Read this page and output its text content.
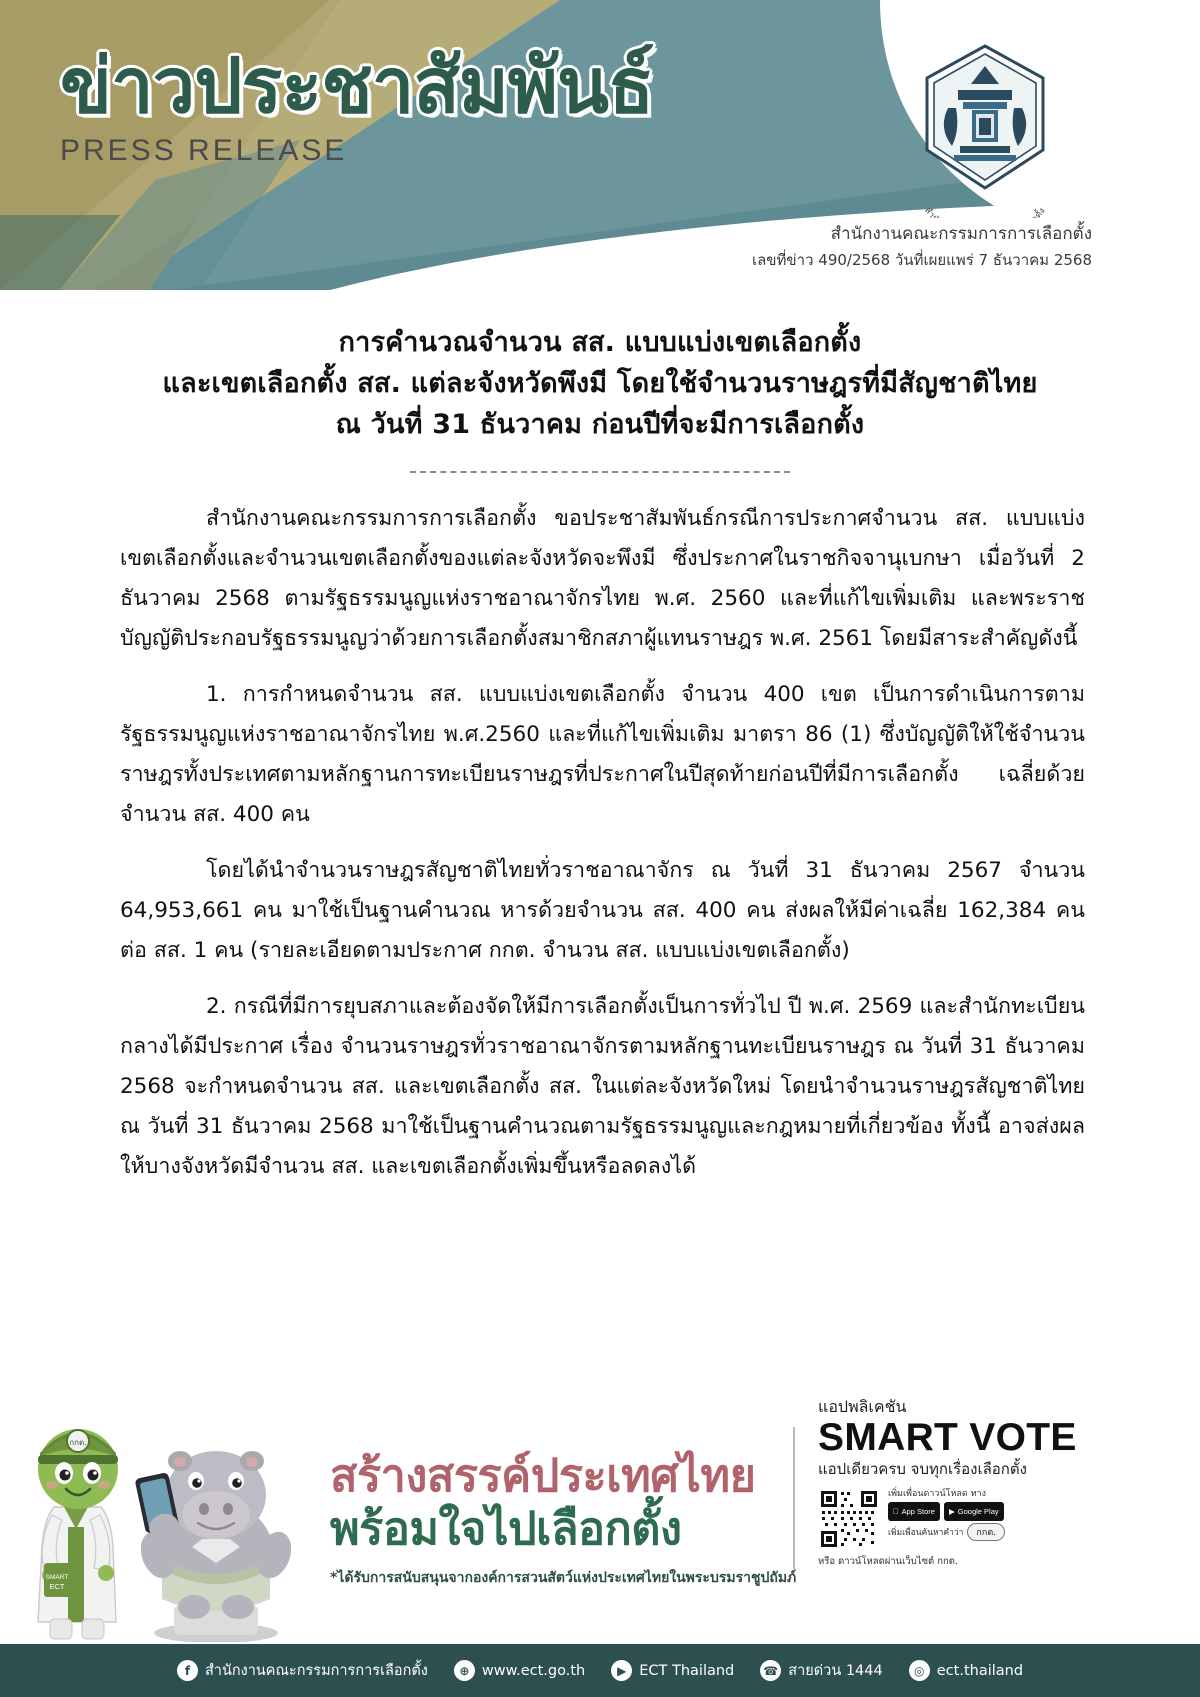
ข่าวประชาสัมพันธ์
PRESS RELEASE
สำ ตั้ง
สำนักงานคณะกรรมการการเลือกตั้ง
เลขที่ข่าว 490/2568 วันที่เผยแพร่ 7 ธันวาคม 2568
การคำนวณจำนวน สส. แบบแบ่งเขตเลือกตั้ง
และเขตเลือกตั้ง สส. แต่ละจังหวัดพึงมี โดยใช้จำนวนราษฎรที่มีสัญชาติไทย
ณ วันที่ 31 ธันวาคม ก่อนปีที่จะมีการเลือกตั้ง

สำนักงานคณะกรรมการการเลือกตั้ง ขอประชาสัมพันธ์กรณีการประกาศจำนวน สส. แบบแบ่งเขตเลือกตั้งและจำนวนเขตเลือกตั้งของแต่ละจังหวัดจะพึงมี ซึ่งประกาศในราชกิจจานุเบกษา เมื่อวันที่ 2 ธันวาคม 2568 ตามรัฐธรรมนูญแห่งราชอาณาจักรไทย พ.ศ. 2560 และที่แก้ไขเพิ่มเติม และพระราชบัญญัติประกอบรัฐธรรมนูญว่าด้วยการเลือกตั้งสมาชิกสภาผู้แทนราษฎร พ.ศ. 2561 โดยมีสาระสำคัญดังนี้

1. การกำหนดจำนวน สส. แบบแบ่งเขตเลือกตั้ง จำนวน 400 เขต เป็นการดำเนินการตามรัฐธรรมนูญแห่งราชอาณาจักรไทย พ.ศ.2560 และที่แก้ไขเพิ่มเติม มาตรา 86 (1) ซึ่งบัญญัติให้ใช้จำนวนราษฎรทั้งประเทศตามหลักฐานการทะเบียนราษฎรที่ประกาศในปีสุดท้ายก่อนปีที่มีการเลือกตั้ง เฉลี่ยด้วยจำนวน สส. 400 คน

โดยได้นำจำนวนราษฎรสัญชาติไทยทั่วราชอาณาจักร ณ วันที่ 31 ธันวาคม 2567 จำนวน 64,953,661 คน มาใช้เป็นฐานคำนวณ หารด้วยจำนวน สส. 400 คน ส่งผลให้มีค่าเฉลี่ย 162,384 คน ต่อ สส. 1 คน (รายละเอียดตามประกาศ กกต. จำนวน สส. แบบแบ่งเขตเลือกตั้ง)

2. กรณีที่มีการยุบสภาและต้องจัดให้มีการเลือกตั้งเป็นการทั่วไป ปี พ.ศ. 2569 และสำนักทะเบียนกลางได้มีประกาศ เรื่อง จำนวนราษฎรทั่วราชอาณาจักรตามหลักฐานทะเบียนราษฎร ณ วันที่ 31 ธันวาคม 2568 จะกำหนดจำนวน สส. และเขตเลือกตั้ง สส. ในแต่ละจังหวัดใหม่ โดยนำจำนวนราษฎรสัญชาติไทย ณ วันที่ 31 ธันวาคม 2568 มาใช้เป็นฐานคำนวณตามรัฐธรรมนูญและกฎหมายที่เกี่ยวข้อง ทั้งนี้ อาจส่งผลให้บางจังหวัดมีจำนวน สส. และเขตเลือกตั้งเพิ่มขึ้นหรือลดลงได้

กกต.
SMART
ECT
สร้างสรรค์ประเทศไทย
พร้อมใจไปเลือกตั้ง
*ได้รับการสนับสนุนจากองค์การสวนสัตว์แห่งประเทศไทยในพระบรมราชูปถัมภ์
แอปพลิเคชัน
SMART VOTE
แอปเดียวครบ จบทุกเรื่องเลือกตั้ง
เพิ่มเพื่อนดาวน์โหลด ทาง
App Store ▶ Google Play
เพิ่มเพื่อนค้นหาคำว่า	กกต.
หรือ ดาวน์โหลดผ่านเว็บไซต์ กกต.
f	สำนักงานคณะกรรมการการเลือกตั้ง	⊕ www.ect.go.th	▶ ECT Thailand ☎ สายด่วน 1444	◎ ect.thailand
